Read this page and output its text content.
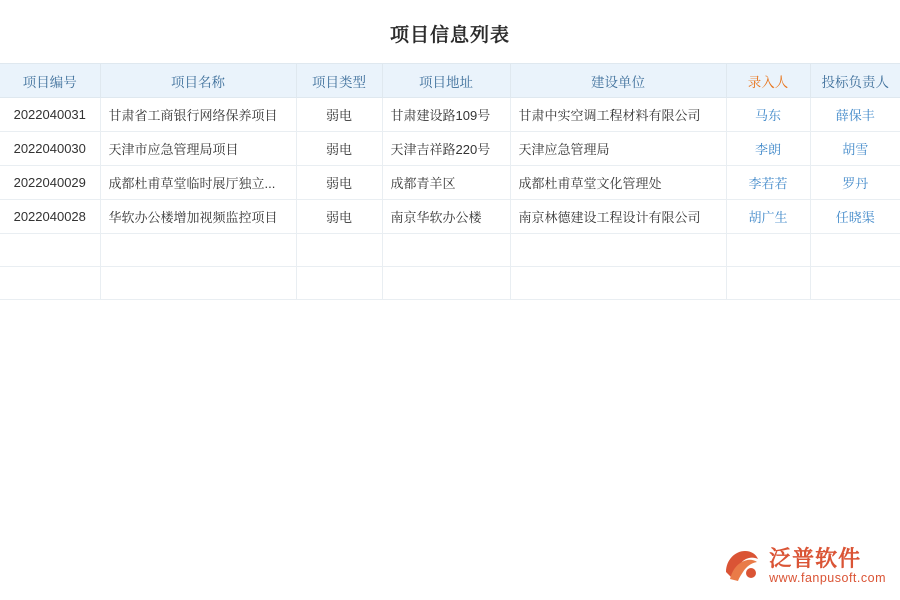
项目信息列表
项目编号	项目名称	项目类型	项目地址	建设单位	录入人	投标负责人
2022040031	甘肃省工商银行网络保养项目	弱电	甘肃建设路109号	甘肃中实空调工程材料有限公司	马东	薛保丰
2022040030	天津市应急管理局项目	弱电	天津吉祥路220号	天津应急管理局	李朗	胡雪
2022040029	成都杜甫草堂临时展厅独立...	弱电	成都青羊区	成都杜甫草堂文化管理处	李若若	罗丹
2022040028	华软办公楼增加视频监控项目	弱电	南京华软办公楼	南京林德建设工程设计有限公司	胡广生	任晓渠

泛普软件
www.fanpusoft.com
